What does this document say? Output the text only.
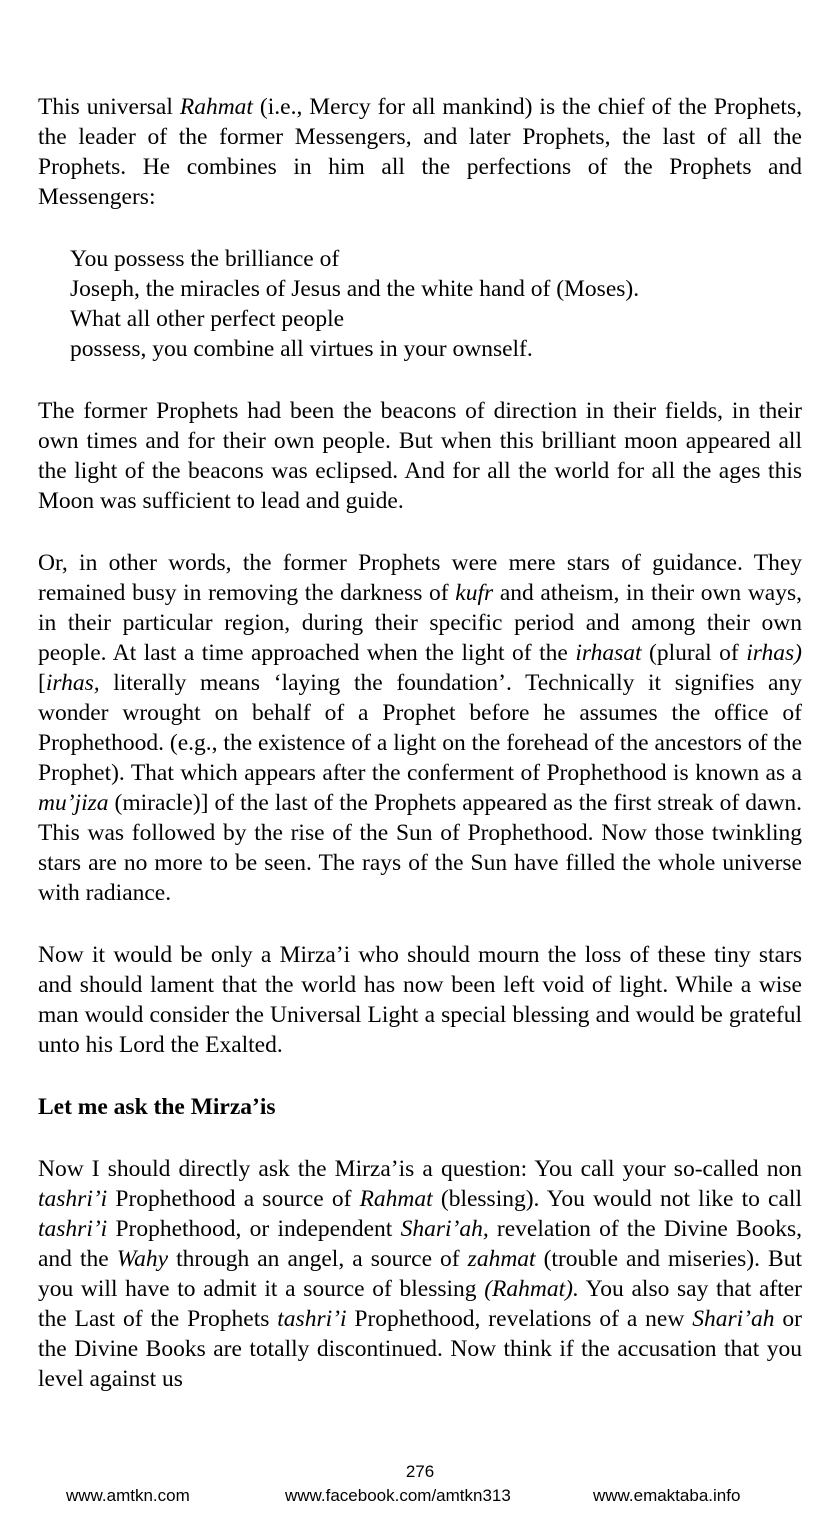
This universal Rahmat (i.e., Mercy for all mankind) is the chief of the Prophets, the leader of the former Messengers, and later Prophets, the last of all the Prophets. He combines in him all the perfections of the Prophets and Messengers:

You possess the brilliance of
Joseph, the miracles of Jesus and the white hand of (Moses).
What all other perfect people
possess, you combine all virtues in your ownself.

The former Prophets had been the beacons of direction in their fields, in their own times and for their own people. But when this brilliant moon appeared all the light of the beacons was eclipsed. And for all the world for all the ages this Moon was sufficient to lead and guide.

Or, in other words, the former Prophets were mere stars of guidance. They remained busy in removing the darkness of kufr and atheism, in their own ways, in their particular region, during their specific period and among their own people. At last a time approached when the light of the irhasat (plural of irhas) [irhas, literally means ‘laying the foundation’. Technically it signifies any wonder wrought on behalf of a Prophet before he assumes the office of Prophethood. (e.g., the existence of a light on the forehead of the ancestors of the Prophet). That which appears after the conferment of Prophethood is known as a mu’jiza (miracle)] of the last of the Prophets appeared as the first streak of dawn. This was followed by the rise of the Sun of Prophethood. Now those twinkling stars are no more to be seen. The rays of the Sun have filled the whole universe with radiance.

Now it would be only a Mirza’i who should mourn the loss of these tiny stars and should lament that the world has now been left void of light. While a wise man would consider the Universal Light a special blessing and would be grateful unto his Lord the Exalted.

Let me ask the Mirza’is

Now I should directly ask the Mirza’is a question: You call your so-called non tashri’i Prophethood a source of Rahmat (blessing). You would not like to call tashri’i Prophethood, or independent Shari’ah, revelation of the Divine Books, and the Wahy through an angel, a source of zahmat (trouble and miseries). But you will have to admit it a source of blessing (Rahmat). You also say that after the Last of the Prophets tashri’i Prophethood, revelations of a new Shari’ah or the Divine Books are totally discontinued. Now think if the accusation that you level against us

276
www.amtkn.com	www.facebook.com/amtkn313	www.emaktaba.info
